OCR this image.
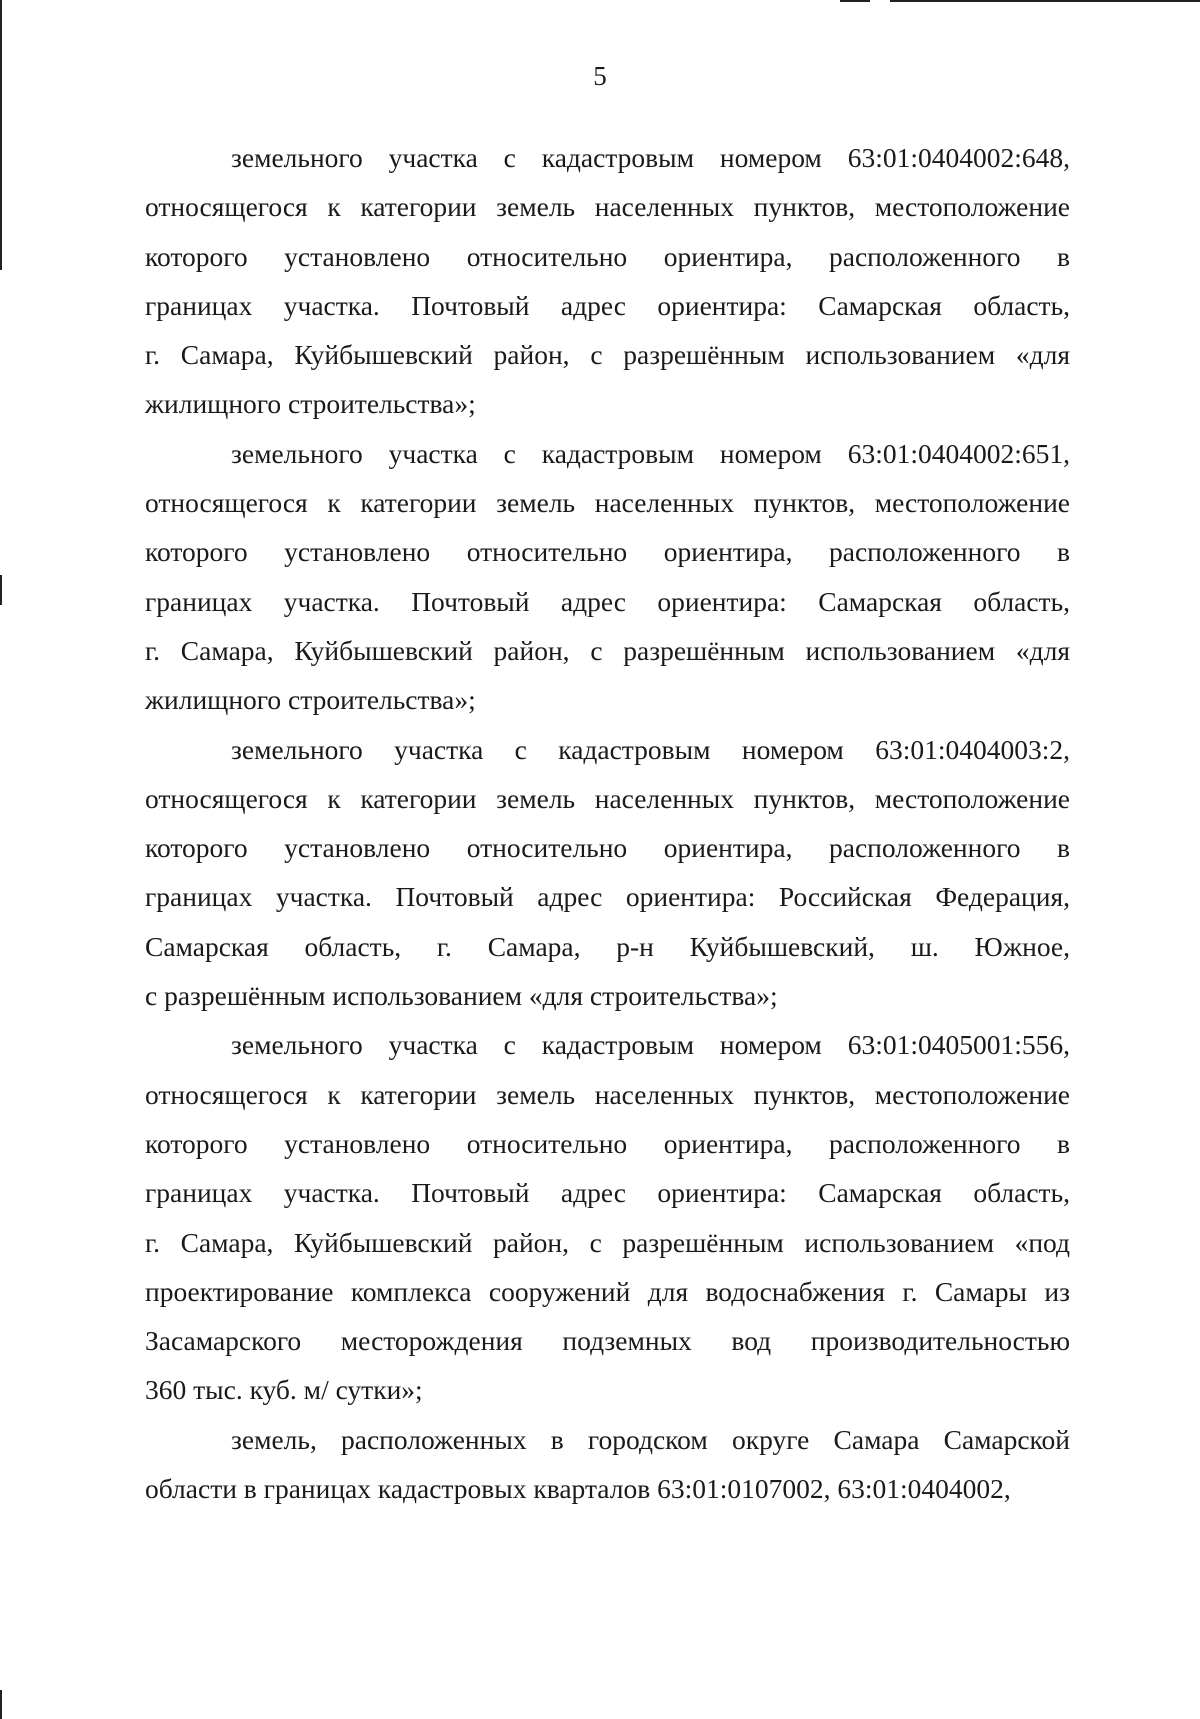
5
земельного участка с кадастровым номером 63:01:0404002:648,
относящегося к категории земель населенных пунктов, местоположение
которого установлено относительно ориентира, расположенного в
границах участка. Почтовый адрес ориентира: Самарская область,
г. Самара, Куйбышевский район, с разрешённым использованием «для
жилищного строительства»;
земельного участка с кадастровым номером 63:01:0404002:651,
относящегося к категории земель населенных пунктов, местоположение
которого установлено относительно ориентира, расположенного в
границах участка. Почтовый адрес ориентира: Самарская область,
г. Самара, Куйбышевский район, с разрешённым использованием «для
жилищного строительства»;
земельного участка с кадастровым номером 63:01:0404003:2,
относящегося к категории земель населенных пунктов, местоположение
которого установлено относительно ориентира, расположенного в
границах участка. Почтовый адрес ориентира: Российская Федерация,
Самарская область, г. Самара, р-н Куйбышевский, ш. Южное,
с разрешённым использованием «для строительства»;
земельного участка с кадастровым номером 63:01:0405001:556,
относящегося к категории земель населенных пунктов, местоположение
которого установлено относительно ориентира, расположенного в
границах участка. Почтовый адрес ориентира: Самарская область,
г. Самара, Куйбышевский район, с разрешённым использованием «под
проектирование комплекса сооружений для водоснабжения г. Самары из
Засамарского месторождения подземных вод производительностью
360 тыс. куб. м/ сутки»;
земель, расположенных в городском округе Самара Самарской
области в границах кадастровых кварталов 63:01:0107002, 63:01:0404002,
